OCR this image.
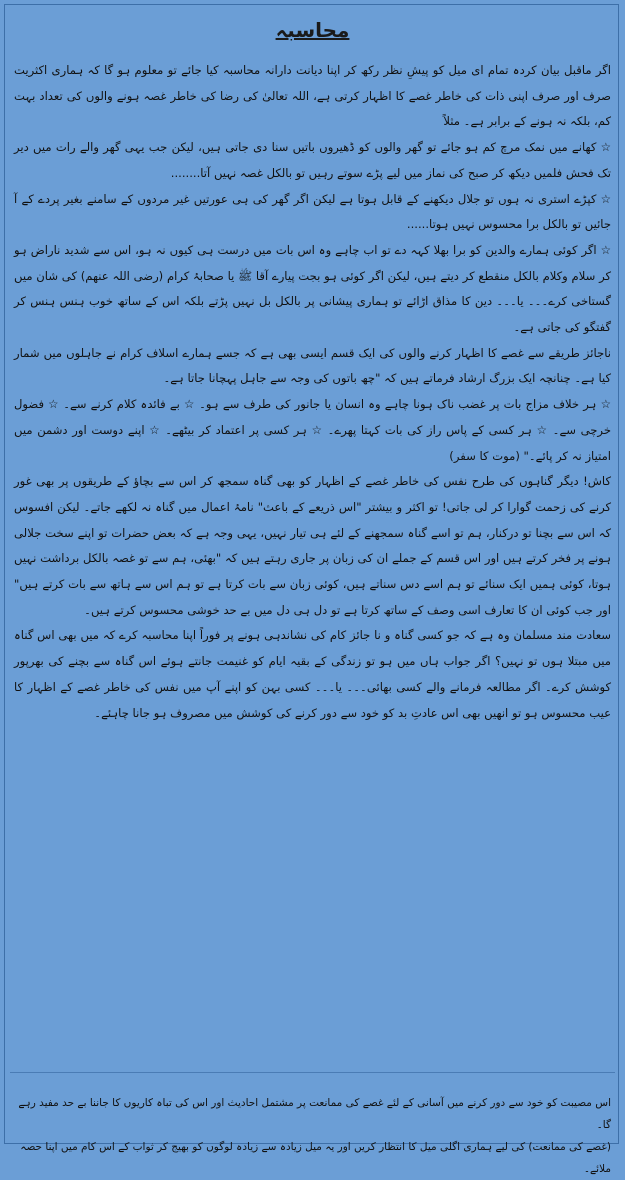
محاسبہ

اگر ماقبل بیان کردہ تمام ای میل کو پیشِ نظر رکھ کر اپنا دیانت دارانہ محاسبہ کیا جائے تو معلوم ہو گا کہ ہماری اکثریت صرف اور صرف اپنی ذات کی خاطر غصے کا اظہار کرتی ہے، اللہ تعالیٰ کی رضا کی خاطر غصہ ہونے والوں کی تعداد بہت کم، بلکہ نہ ہونے کے برابر ہے۔ مثلاً

☆ کھانے میں نمک مرچ کم ہو جائے تو گھر والوں کو ڈھیروں باتیں سنا دی جاتی ہیں، لیکن جب یہی گھر والے رات میں دیر تک فحش فلمیں دیکھ کر صبح کی نماز میں لیے پڑے سوتے رہیں تو بالکل غصہ نہیں آتا........

☆ کپڑے استری نہ ہوں تو جلال دیکھنے کے قابل ہوتا ہے لیکن اگر گھر کی ہی عورتیں غیر مردوں کے سامنے بغیر پردے کے آ جائیں تو بالکل برا محسوس نہیں ہوتا......

☆ اگر کوئی ہمارے والدین کو برا بھلا کہہ دے تو اب چاہے وہ اس بات میں درست ہی کیوں نہ ہو، اس سے شدید ناراض ہو کر سلام وکلام بالکل منقطع کر دیتے ہیں، لیکن اگر کوئی ہو بجت پیارے آقا ﷺ یا صحابۂ کرام (رضی اللہ عنھم) کی شان میں گستاخی کرے۔۔۔ یا۔۔۔ دین کا مذاق اڑائے تو ہماری پیشانی پر بالکل بل نہیں پڑتے بلکہ اس کے ساتھ خوب ہنس ہنس کر گفتگو کی جاتی ہے۔

ناجائز طریقے سے غصے کا اظہار کرنے والوں کی ایک قسم ایسی بھی ہے کہ جسے ہمارے اسلاف کرام نے جاہلوں میں شمار کیا ہے۔ چنانچہ ایک بزرگ ارشاد فرماتے ہیں کہ "چھ باتوں کی وجہ سے جاہل پہچانا جاتا ہے۔

☆ ہر خلاف مزاج بات پر غضب ناک ہونا چاہے وہ انسان یا جانور کی طرف سے ہو۔ ☆ بے فائدہ کلام کرنے سے۔ ☆ فضول خرچی سے۔ ☆ ہر کسی کے پاس راز کی بات کہتا پھرے۔ ☆ ہر کسی پر اعتماد کر بیٹھے۔ ☆ اپنے دوست اور دشمن میں امتیاز نہ کر پائے۔" (موت کا سفر)

کاش! دیگر گناہوں کی طرح نفس کی خاطر غصے کے اظہار کو بھی گناہ سمجھ کر اس سے بچاؤ کے طریقوں پر بھی غور کرنے کی زحمت گوارا کر لی جاتی! تو اکثر و بیشتر "اس ذریعے کے باعث" نامۂ اعمال میں گناہ نہ لکھے جاتے۔ لیکن افسوس کہ اس سے بچنا تو درکنار، ہم تو اسے گناہ سمجھنے کے لئے ہی تیار نہیں، یہی وجہ ہے کہ بعض حضرات تو اپنے سخت جلالی ہونے پر فخر کرتے ہیں اور اس قسم کے جملے ان کی زبان پر جاری رہتے ہیں کہ "بھئی، ہم سے تو غصہ بالکل برداشت نہیں ہوتا، کوئی ہمیں ایک سنائے تو ہم اسے دس سناتے ہیں، کوئی زبان سے بات کرتا ہے تو ہم اس سے ہاتھ سے بات کرتے ہیں" اور جب کوئی ان کا تعارف اسی وصف کے ساتھ کرتا ہے تو دل ہی دل میں بے حد خوشی محسوس کرتے ہیں۔

سعادت مند مسلمان وہ ہے کہ جو کسی گناہ و نا جائز کام کی نشاندہی ہونے پر فوراً اپنا محاسبہ کرے کہ میں بھی اس گناہ میں مبتلا ہوں تو نہیں؟ اگر جواب ہاں میں ہو تو زندگی کے بقیہ ایام کو غنیمت جانتے ہوئے اس گناہ سے بچنے کی بھرپور کوشش کرے۔ اگر مطالعہ فرمانے والے کسی بھائی۔۔۔ یا۔۔۔ کسی بہن کو اپنے آپ میں نفس کی خاطر غصے کے اظہار کا عیب محسوس ہو تو انھیں بھی اس عادتِ بد کو خود سے دور کرنے کی کوشش میں مصروف ہو جانا چاہئے۔

اس مصیبت کو خود سے دور کرنے میں آسانی کے لئے غصے کی ممانعت پر مشتمل احادیث اور اس کی تباہ کاریوں کا جاننا بے حد مفید رہے گا۔

(غصے کی ممانعت) کی لیے ہماری اگلی میل کا انتظار کریں اور یہ میل زیادہ سے زیادہ لوگوں کو بھیج کر ثواب کے اس کام میں اپنا حصہ ملائے۔
